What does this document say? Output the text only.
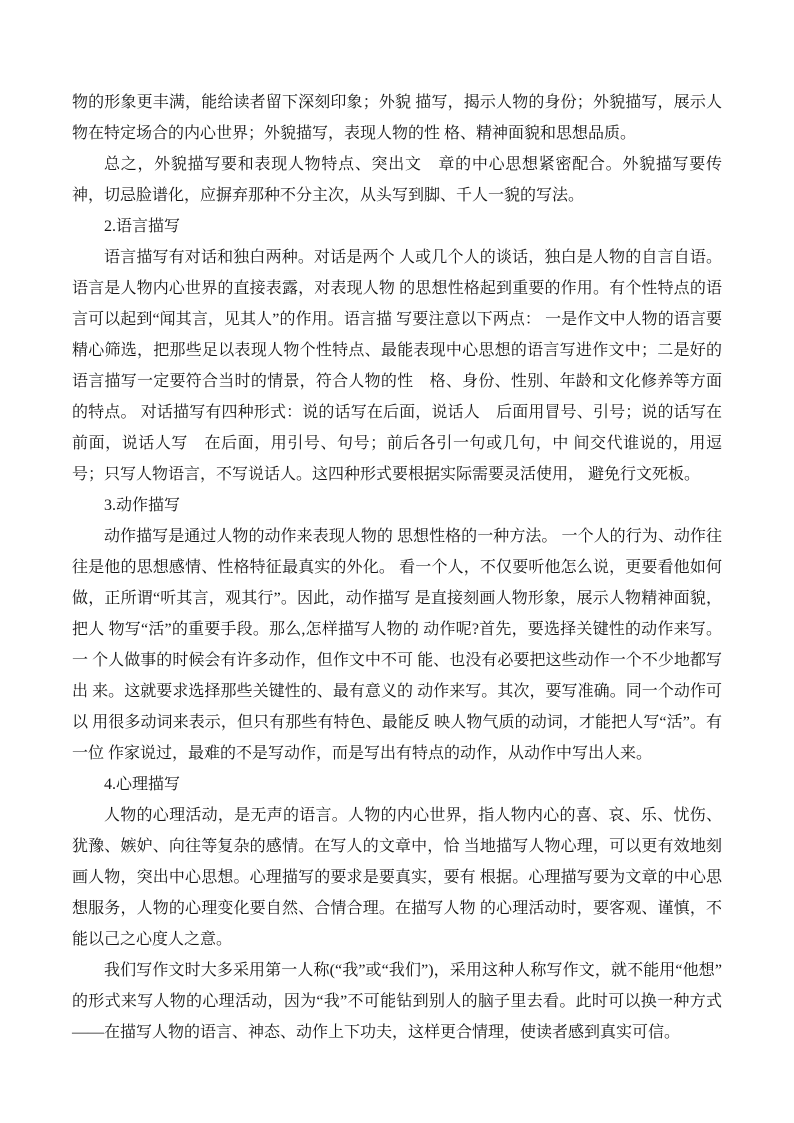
物的形象更丰满，能给读者留下深刻印象；外貌 描写，揭示人物的身份；外貌描写，展示人物在特定场合的内心世界；外貌描写，表现人物的性 格、精神面貌和思想品质。

总之，外貌描写要和表现人物特点、突出文　章的中心思想紧密配合。外貌描写要传神，切忌脸谱化，应摒弃那种不分主次，从头写到脚、千人一貌的写法。

2.语言描写

语言描写有对话和独白两种。对话是两个 人或几个人的谈话，独白是人物的自言自语。 语言是人物内心世界的直接表露，对表现人物 的思想性格起到重要的作用。有个性特点的语 言可以起到“闻其言，见其人”的作用。语言描 写要注意以下两点： 一是作文中人物的语言要 精心筛选，把那些足以表现人物个性特点、最能表现中心思想的语言写进作文中；二是好的语言描写一定要符合当时的情景，符合人物的性　格、身份、性别、年龄和文化修养等方面的特点。 对话描写有四种形式：说的话写在后面，说话人　后面用冒号、引号；说的话写在前面，说话人写　在后面，用引号、句号；前后各引一句或几句，中 间交代谁说的，用逗号；只写人物语言，不写说话人。这四种形式要根据实际需要灵活使用， 避免行文死板。

3.动作描写

动作描写是通过人物的动作来表现人物的 思想性格的一种方法。 一个人的行为、动作往 往是他的思想感情、性格特征最真实的外化。 看一个人，不仅要听他怎么说，更要看他如何 做，正所谓“听其言，观其行”。因此，动作描写 是直接刻画人物形象，展示人物精神面貌，把人 物写“活”的重要手段。那么,怎样描写人物的 动作呢?首先，要选择关键性的动作来写。 一 个人做事的时候会有许多动作，但作文中不可 能、也没有必要把这些动作一个不少地都写出 来。这就要求选择那些关键性的、最有意义的 动作来写。其次，要写准确。同一个动作可以 用很多动词来表示，但只有那些有特色、最能反 映人物气质的动词，才能把人写“活”。有一位 作家说过，最难的不是写动作，而是写出有特点的动作，从动作中写出人来。

4.心理描写

人物的心理活动，是无声的语言。人物的内心世界，指人物内心的喜、哀、乐、忧伤、犹豫、嫉妒、向往等复杂的感情。在写人的文章中，恰 当地描写人物心理，可以更有效地刻画人物，突出中心思想。心理描写的要求是要真实，要有 根据。心理描写要为文章的中心思想服务，人物的心理变化要自然、合情合理。在描写人物 的心理活动时，要客观、谨慎，不能以己之心度人之意。

我们写作文时大多采用第一人称(“我”或“我们”)，采用这种人称写作文，就不能用“他想”的形式来写人物的心理活动，因为“我”不可能钻到别人的脑子里去看。此时可以换一种方式——在描写人物的语言、神态、动作上下功夫，这样更合情理，使读者感到真实可信。
